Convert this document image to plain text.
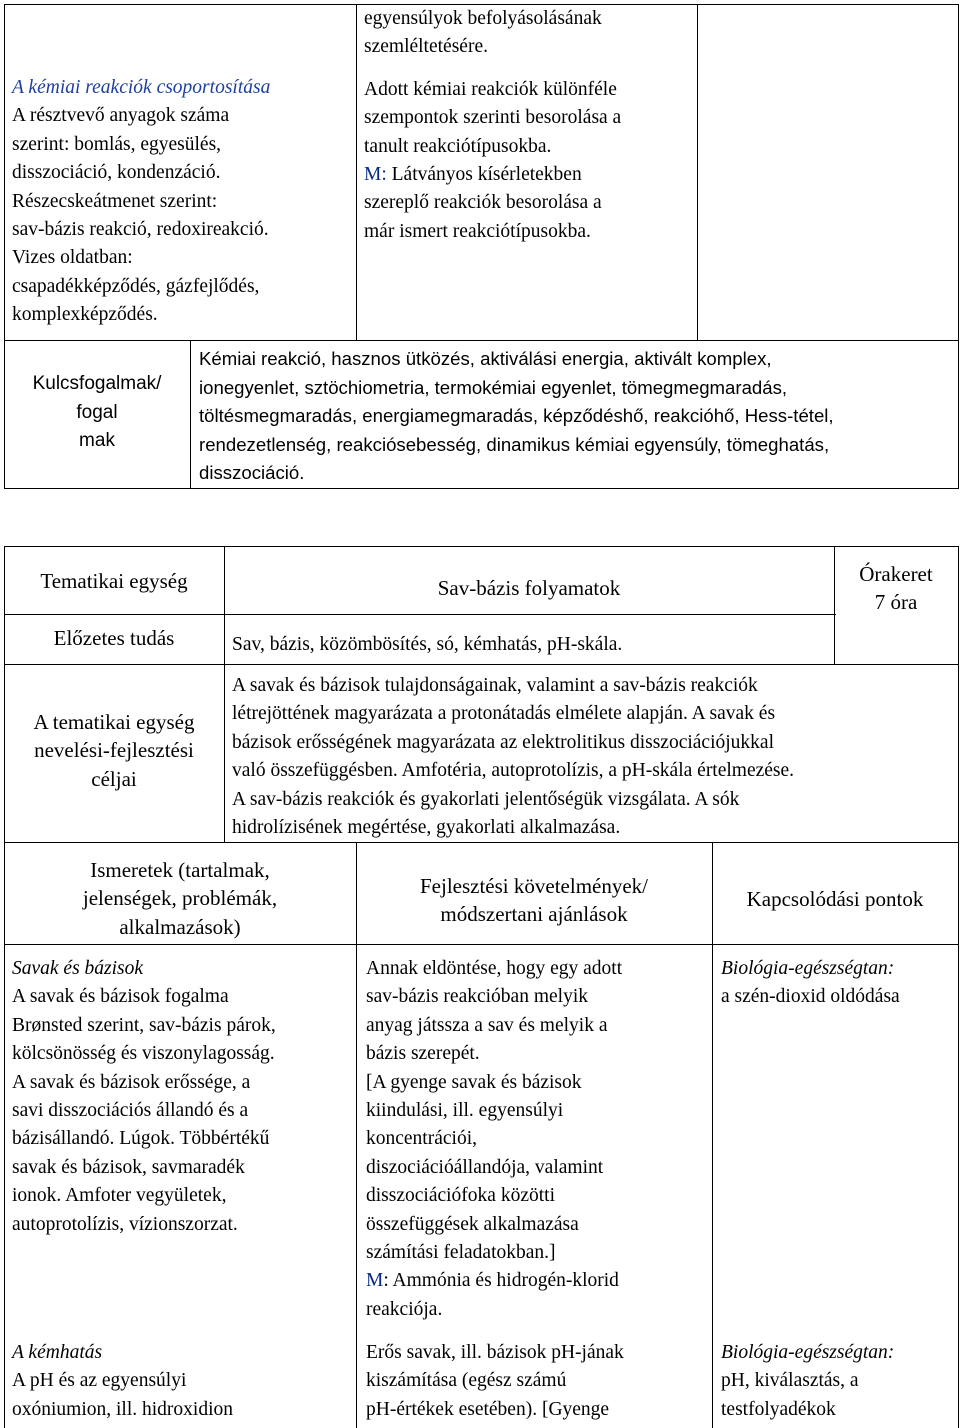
A kémiai reakciók csoportosítása

A résztvevő anyagok száma

szerint: bomlás, egyesülés,

disszociáció, kondenzáció.

Részecskeátmenet szerint:

sav-bázis reakció, redoxireakció.

Vizes oldatban:

csapadékképződés, gázfejlődés,

komplexképződés.

egyensúlyok befolyásolásának

szemléltetésére.

Adott kémiai reakciók különféle

szempontok szerinti besorolása a

tanult reakciótípusokba.

M: Látványos kísérletekben

szereplő reakciók besorolása a

már ismert reakciótípusokba.

Kulcsfogalmak/

fogal

mak

Kémiai reakció, hasznos ütközés, aktiválási energia, aktivált komplex,

ionegyenlet, sztöchiometria, termokémiai egyenlet, tömegmegmaradás,

töltésmegmaradás, energiamegmaradás, képződéshő, reakcióhő, Hess-tétel,

rendezetlenség, reakciósebesség, dinamikus kémiai egyensúly, tömeghatás,

disszociáció.

Tematikai egység	Sav-bázis folyamatok

Órakeret

7 óra

Előzetes tudás	Sav, bázis, közömbösítés, só, kémhatás, pH-skála.

A tematikai egység

nevelési-fejlesztési

céljai

A savak és bázisok tulajdonságainak, valamint a sav-bázis reakciók

létrejöttének magyarázata a protonátadás elmélete alapján. A savak és

bázisok erősségének magyarázata az elektrolitikus disszociációjukkal

való összefüggésben. Amfotéria, autoprotolízis, a pH-skála értelmezése.

A sav-bázis reakciók és gyakorlati jelentőségük vizsgálata. A sók

hidrolízisének megértése, gyakorlati alkalmazása.

Ismeretek (tartalmak,

jelenségek, problémák,

alkalmazások)

Fejlesztési követelmények/

módszertani ajánlások

Kapcsolódási pontok

Savak és bázisok

A savak és bázisok fogalma

Brønsted szerint, sav-bázis párok,

kölcsönösség és viszonylagosság.

A savak és bázisok erőssége, a

savi disszociációs állandó és a

bázisállandó. Lúgok. Többértékű

savak és bázisok, savmaradék

ionok. Amfoter vegyületek,

autoprotolízis, vízionszorzat.

Annak eldöntése, hogy egy adott

sav-bázis reakcióban melyik

anyag játssza a sav és melyik a

bázis szerepét.

[A gyenge savak és bázisok

kiindulási, ill. egyensúlyi

koncentrációi,

diszociációállandója, valamint

disszociációfoka közötti

összefüggések alkalmazása

számítási feladatokban.]

M: Ammónia és hidrogén-klorid

reakciója.

Biológia-egészségtan:

a szén-dioxid oldódása

A kémhatás

A pH és az egyensúlyi

oxóniumion, ill. hidroxidion

Erős savak, ill. bázisok pH-jának

kiszámítása (egész számú

pH-értékek esetében). [Gyenge

Biológia-egészségtan:

pH, kiválasztás, a

testfolyadékok
